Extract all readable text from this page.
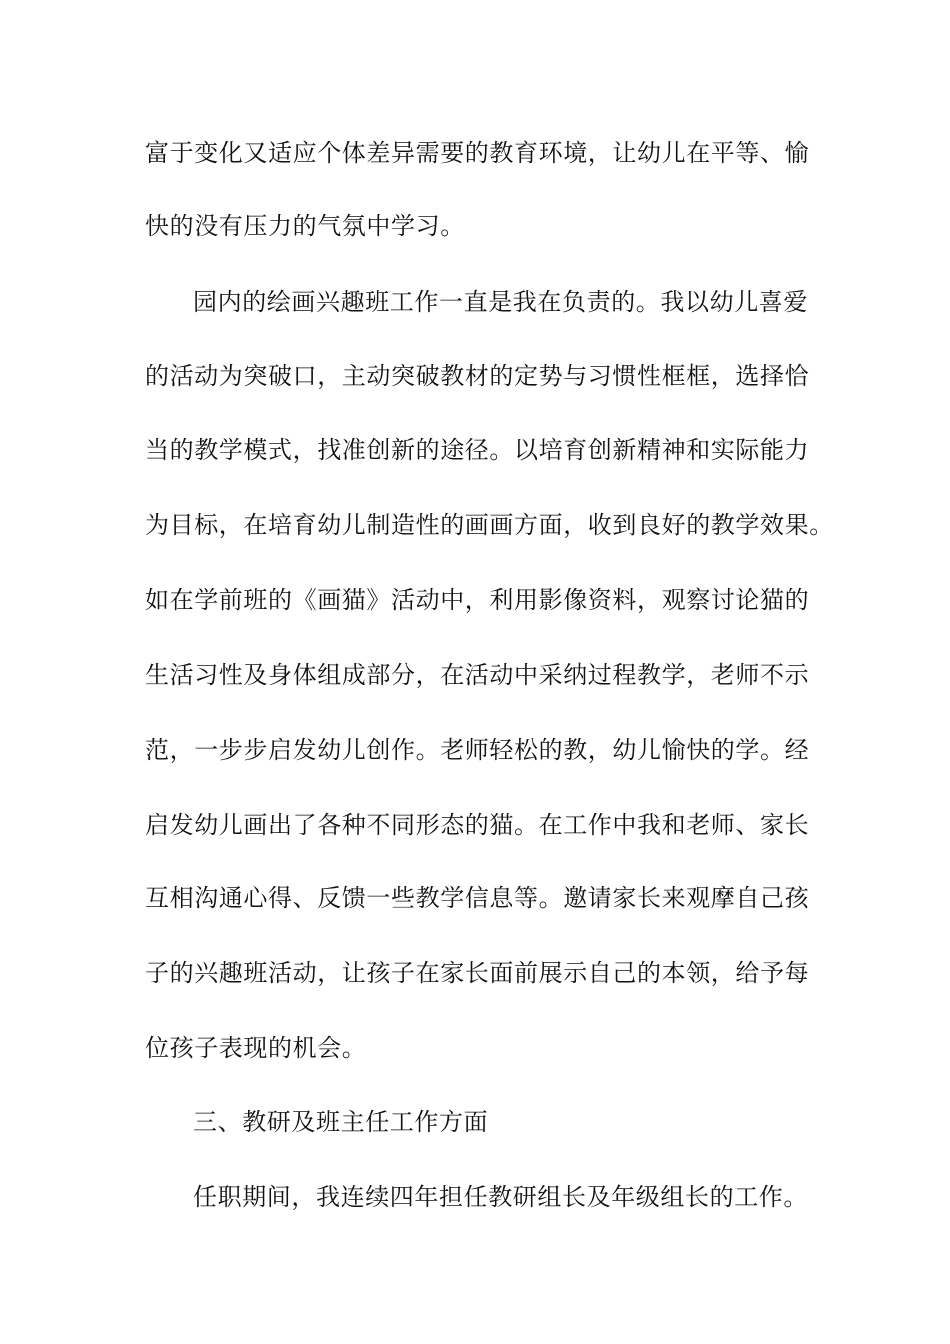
富于变化又适应个体差异需要的教育环境，让幼儿在平等、愉

快的没有压力的气氛中学习。

园内的绘画兴趣班工作一直是我在负责的。我以幼儿喜爱

的活动为突破口，主动突破教材的定势与习惯性框框，选择恰

当的教学模式，找准创新的途径。以培育创新精神和实际能力

为目标，在培育幼儿制造性的画画方面，收到良好的教学效果。

如在学前班的《画猫》活动中，利用影像资料，观察讨论猫的

生活习性及身体组成部分，在活动中采纳过程教学，老师不示

范，一步步启发幼儿创作。老师轻松的教，幼儿愉快的学。经

启发幼儿画出了各种不同形态的猫。在工作中我和老师、家长

互相沟通心得、反馈一些教学信息等。邀请家长来观摩自己孩

子的兴趣班活动，让孩子在家长面前展示自己的本领，给予每

位孩子表现的机会。

三、教研及班主任工作方面

任职期间，我连续四年担任教研组长及年级组长的工作。
